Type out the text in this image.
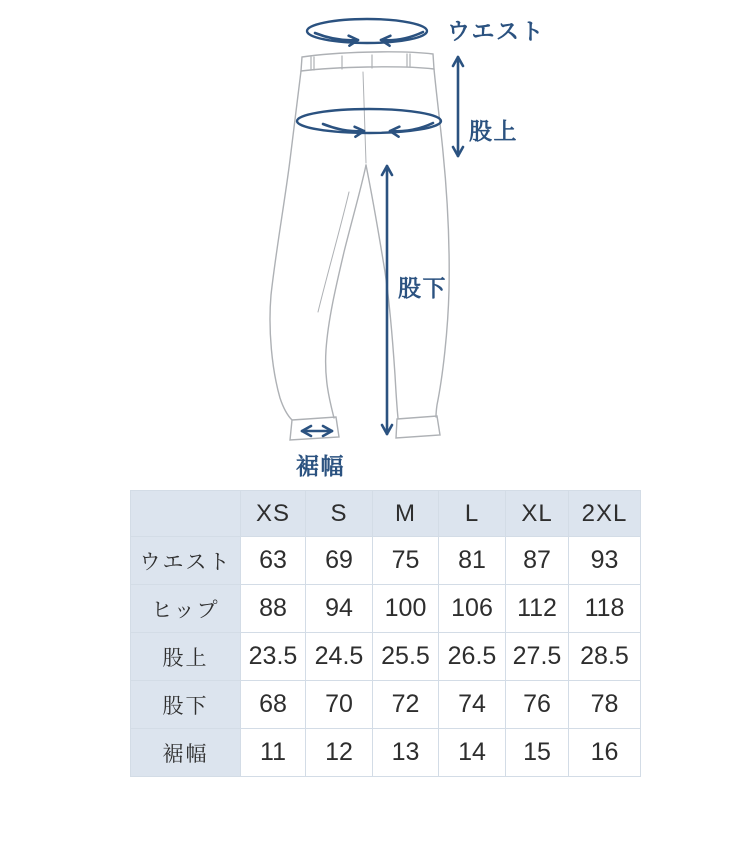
ウエスト
股上
股下
裾幅
	XS	S	M	L	XL	2XL
ウエスト	63	69	75	81	87	93
ヒップ	88	94	100	106	112	118
股上	23.5	24.5	25.5	26.5	27.5	28.5
股下	68	70	72	74	76	78
裾幅	11	12	13	14	15	16
